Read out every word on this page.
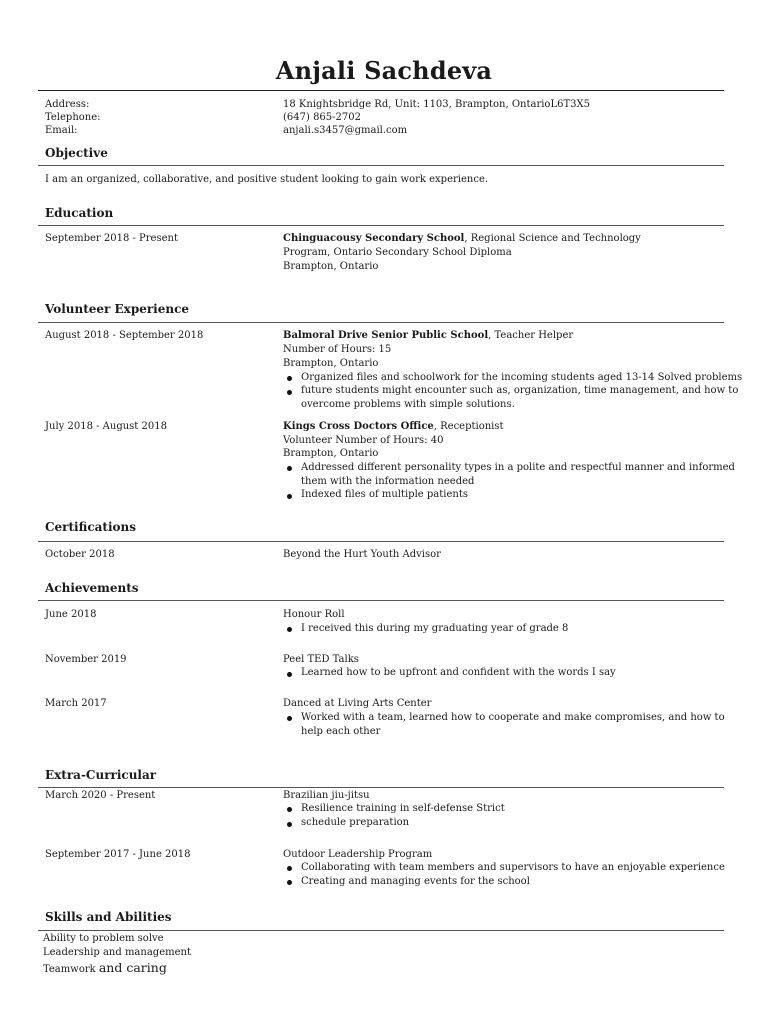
Anjali Sachdeva
Address:	18 Knightsbridge Rd, Unit: 1103, Brampton, OntarioL6T3X5
Telephone:	(647) 865-2702
Email:	anjali.s3457@gmail.com
Objective
I am an organized, collaborative, and positive student looking to gain work experience.
Education
September 2018 - Present	Chinguacousy Secondary School, Regional Science and Technology
Program, Ontario Secondary School Diploma
Brampton, Ontario
Volunteer Experience
August 2018 - September 2018	Balmoral Drive Senior Public School, Teacher Helper
Number of Hours: 15
Brampton, Ontario
Organized files and schoolwork for the incoming students aged 13-14 Solved problems
future students might encounter such as, organization, time management, and how to
overcome problems with simple solutions.
July 2018 - August 2018	Kings Cross Doctors Office, Receptionist
Volunteer Number of Hours: 40
Brampton, Ontario
Addressed different personality types in a polite and respectful manner and informed
them with the information needed
Indexed files of multiple patients
Certifications
October 2018	Beyond the Hurt Youth Advisor
Achievements
June 2018	Honour Roll
I received this during my graduating year of grade 8
November 2019	Peel TED Talks
Learned how to be upfront and confident with the words I say
March 2017	Danced at Living Arts Center
Worked with a team, learned how to cooperate and make compromises, and how to
help each other
Extra-Curricular
March 2020 - Present	Brazilian jiu-jitsu
Resilience training in self-defense Strict
schedule preparation
September 2017 - June 2018	Outdoor Leadership Program
Collaborating with team members and supervisors to have an enjoyable experience
Creating and managing events for the school
Skills and Abilities
Ability to problem solve
Leadership and management
Teamwork and caring
